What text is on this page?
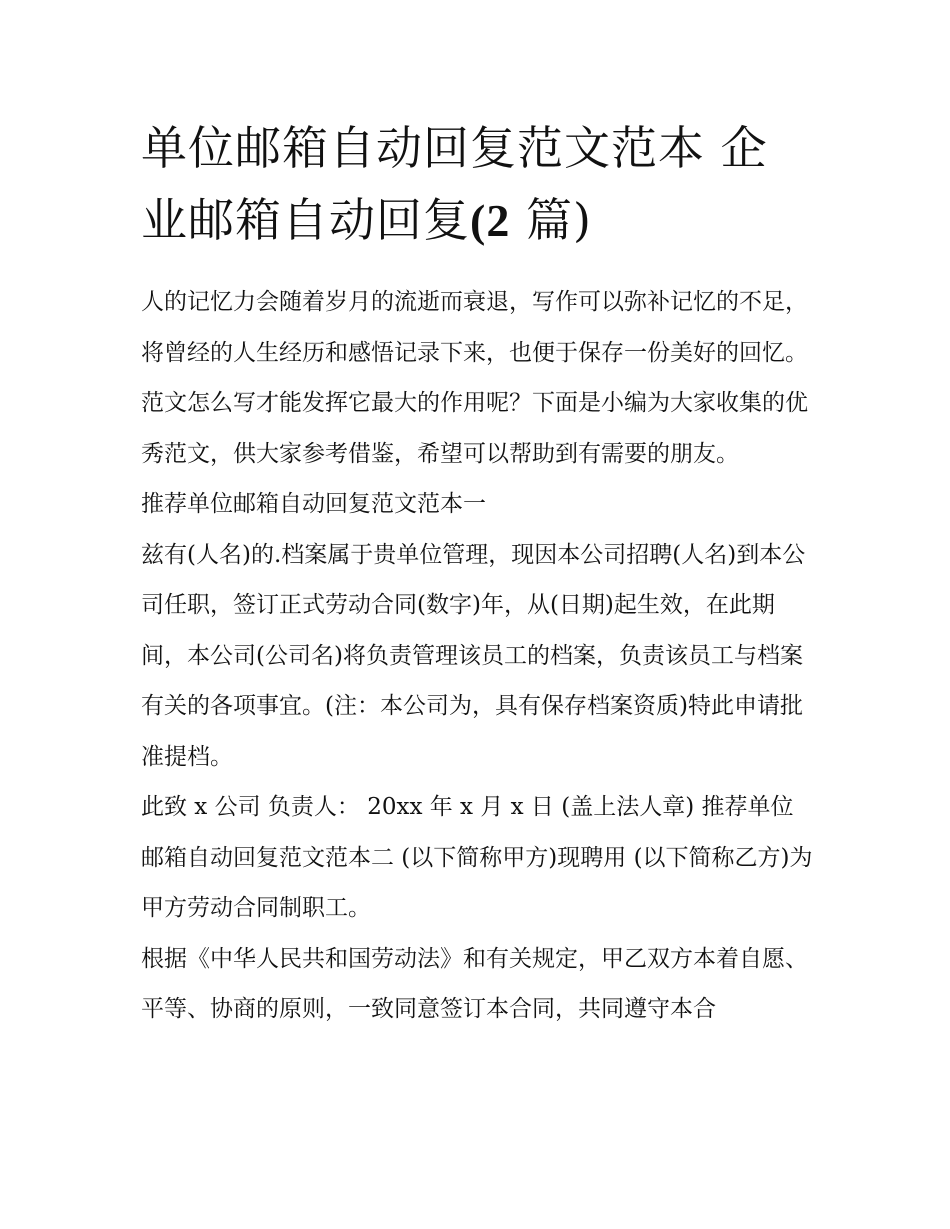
单位邮箱自动回复范文范本 企业邮箱自动回复(2 篇)

人的记忆力会随着岁月的流逝而衰退，写作可以弥补记忆的不足，将曾经的人生经历和感悟记录下来，也便于保存一份美好的回忆。范文怎么写才能发挥它最大的作用呢？下面是小编为大家收集的优秀范文，供大家参考借鉴，希望可以帮助到有需要的朋友。

推荐单位邮箱自动回复范文范本一

兹有(人名)的.档案属于贵单位管理，现因本公司招聘(人名)到本公司任职，签订正式劳动合同(数字)年，从(日期)起生效，在此期间，本公司(公司名)将负责管理该员工的档案，负责该员工与档案有关的各项事宜。(注：本公司为，具有保存档案资质)特此申请批准提档。

此致 x 公司 负责人： 20xx 年 x 月 x 日 (盖上法人章) 推荐单位邮箱自动回复范文范本二 (以下简称甲方)现聘用 (以下简称乙方)为甲方劳动合同制职工。

根据《中华人民共和国劳动法》和有关规定，甲乙双方本着自愿、平等、协商的原则，一致同意签订本合同，共同遵守本合
